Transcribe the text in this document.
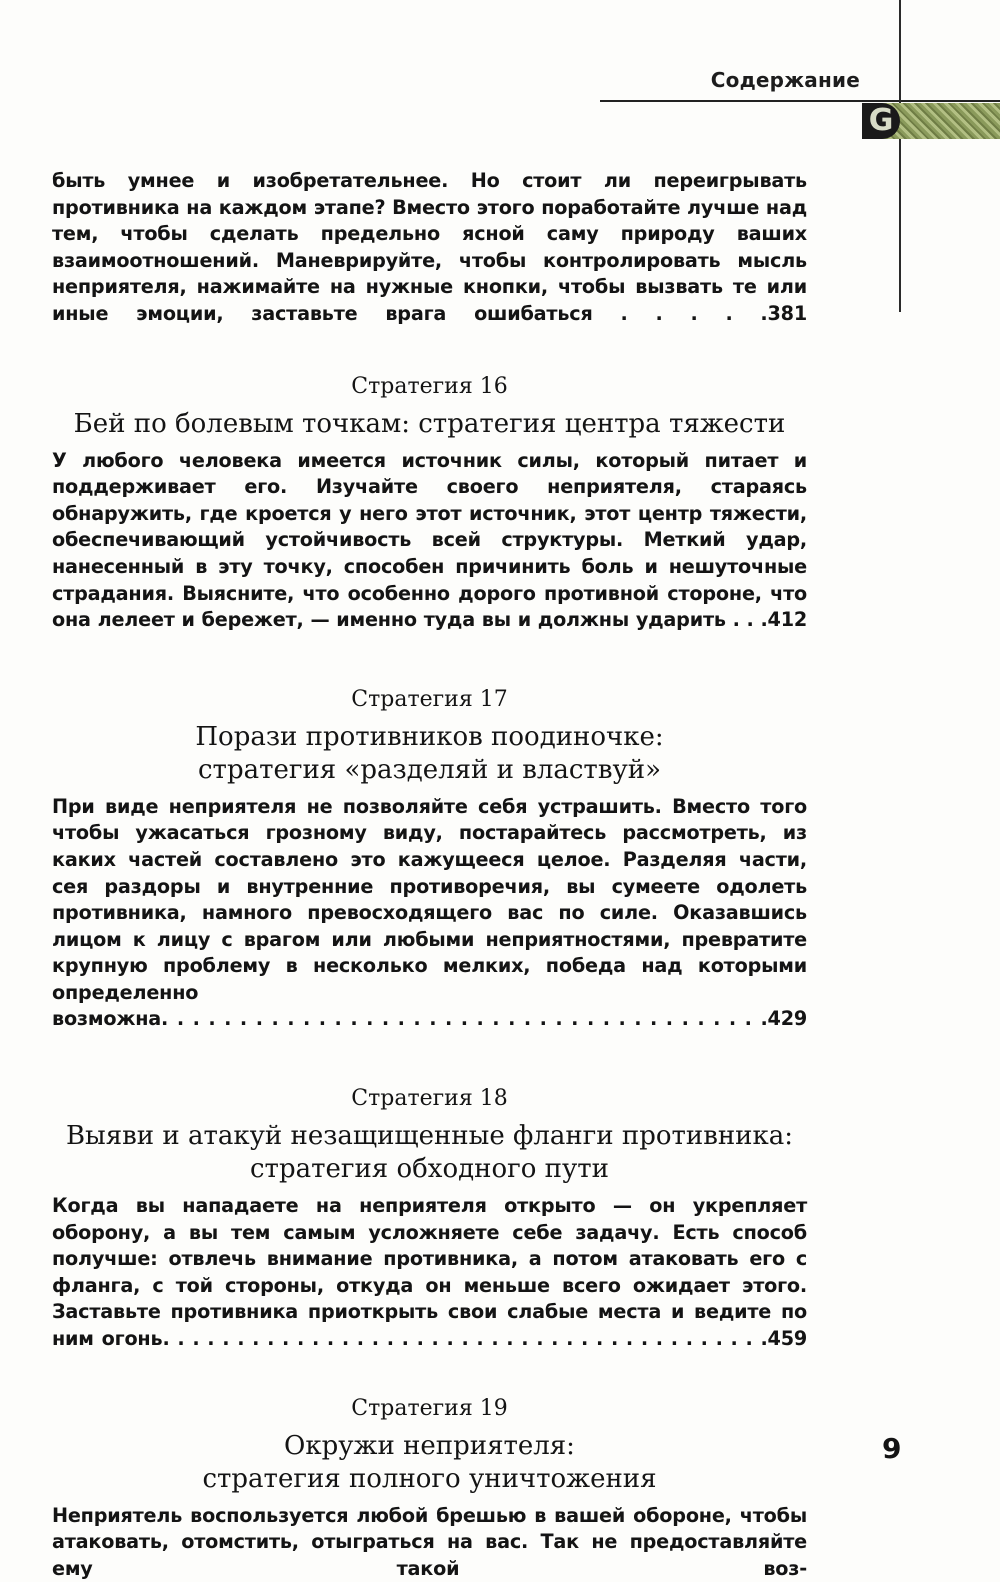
Содержание
G

быть умнее и изобретательнее. Но стоит ли переигрывать противника на каждом этапе? Вместо этого поработайте лучше над тем, чтобы сделать предельно ясной саму природу ваших взаимоотношений. Маневрируйте, чтобы контролировать мысль неприятеля, нажимайте на нужные кнопки, чтобы вызвать те или иные эмоции, заставьте врага ошибаться . . . . .381

Стратегия 16

Бей по болевым точкам: стратегия центра тяжести

У любого человека имеется источник силы, который питает и поддерживает его. Изучайте своего неприятеля, стараясь обнаружить, где кроется у него этот источник, этот центр тяжести, обеспечивающий устойчивость всей структуры. Меткий удар, нанесенный в эту точку, способен причинить боль и нешуточные страдания. Выясните, что особенно дорого противной стороне, что она лелеет и бережет, — именно туда вы и должны ударить . . .412

Стратегия 17

Порази противников поодиночке:
стратегия «разделяй и властвуй»

При виде неприятеля не позволяйте себя устрашить. Вместо того чтобы ужасаться грозному виду, постарайтесь рассмотреть, из каких частей составлено это кажущееся целое. Разделяя части, сея раздоры и внутренние противоречия, вы сумеете одолеть противника, намного превосходящего вас по силе. Оказавшись лицом к лицу с врагом или любыми неприятностями, превратите крупную проблему в несколько мелких, победа над которыми определенно возможна. . . . . . . . . . . . . . . . . . . . . . . . . . . . . . . . . . . . . . .429

Стратегия 18

Выяви и атакуй незащищенные фланги противника:
стратегия обходного пути

Когда вы нападаете на неприятеля открыто — он укрепляет оборону, а вы тем самым усложняете себе задачу. Есть способ получше: отвлечь внимание противника, а потом атаковать его с фланга, с той стороны, откуда он меньше всего ожидает этого. Заставьте противника приоткрыть свои слабые места и ведите по ним огонь. . . . . . . . . . . . . . . . . . . . . . . . . . . . . . . . . . . . . . . . .459

Стратегия 19

Окружи неприятеля:
стратегия полного уничтожения

Неприятель воспользуется любой брешью в вашей обороне, чтобы атаковать, отомстить, отыграться на вас. Так не предоставляйте ему такой воз-

9
